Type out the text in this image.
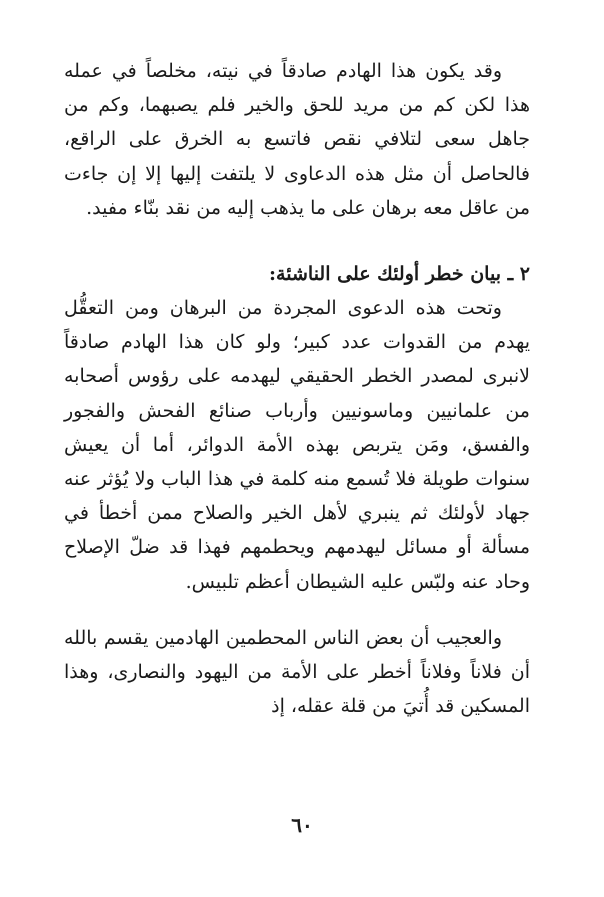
وقد يكون هذا الهادم صادقاً في نيته، مخلصاً في عمله هذا لكن كم من مريد للحق والخير فلم يصبهما، وكم من جاهل سعى لتلافي نقص فاتسع به الخرق على الراقع، فالحاصل أن مثل هذه الدعاوى لا يلتفت إليها إلا إن جاءت من عاقل معه برهان على ما يذهب إليه من نقد بنّاء مفيد.

٢ ـ بيان خطر أولئك على الناشئة:

وتحت هذه الدعوى المجردة من البرهان ومن التعقُّل يهدم من القدوات عدد كبير؛ ولو كان هذا الهادم صادقاً لانبرى لمصدر الخطر الحقيقي ليهدمه على رؤوس أصحابه من علمانيين وماسونيين وأرباب صنائع الفحش والفجور والفسق، ومَن يتربص بهذه الأمة الدوائر، أما أن يعيش سنوات طويلة فلا تُسمع منه كلمة في هذا الباب ولا يُؤثر عنه جهاد لأولئك ثم ينبري لأهل الخير والصلاح ممن أخطأ في مسألة أو مسائل ليهدمهم ويحطمهم فهذا قد ضلّ الإصلاح وحاد عنه ولبّس عليه الشيطان أعظم تلبيس.

والعجيب أن بعض الناس المحطمين الهادمين يقسم بالله أن فلاناً وفلاناً أخطر على الأمة من اليهود والنصارى، وهذا المسكين قد أُتيَ من قلة عقله، إذ

٦٠
